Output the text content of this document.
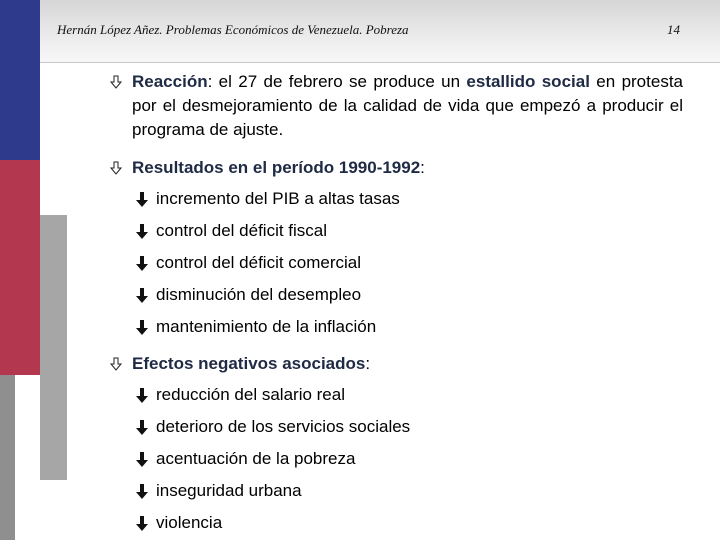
Hernán López Añez. Problemas Económicos de Venezuela. Pobreza	14
Reacción: el 27 de febrero se produce un estallido social en protesta por el desmejoramiento de la calidad de vida que empezó a producir el programa de ajuste.
Resultados en el período 1990-1992:
incremento del PIB a altas tasas
control del déficit fiscal
control del déficit comercial
disminución del desempleo
mantenimiento de la inflación
Efectos negativos asociados:
reducción del salario real
deterioro de los servicios sociales
acentuación de la pobreza
inseguridad urbana
violencia
